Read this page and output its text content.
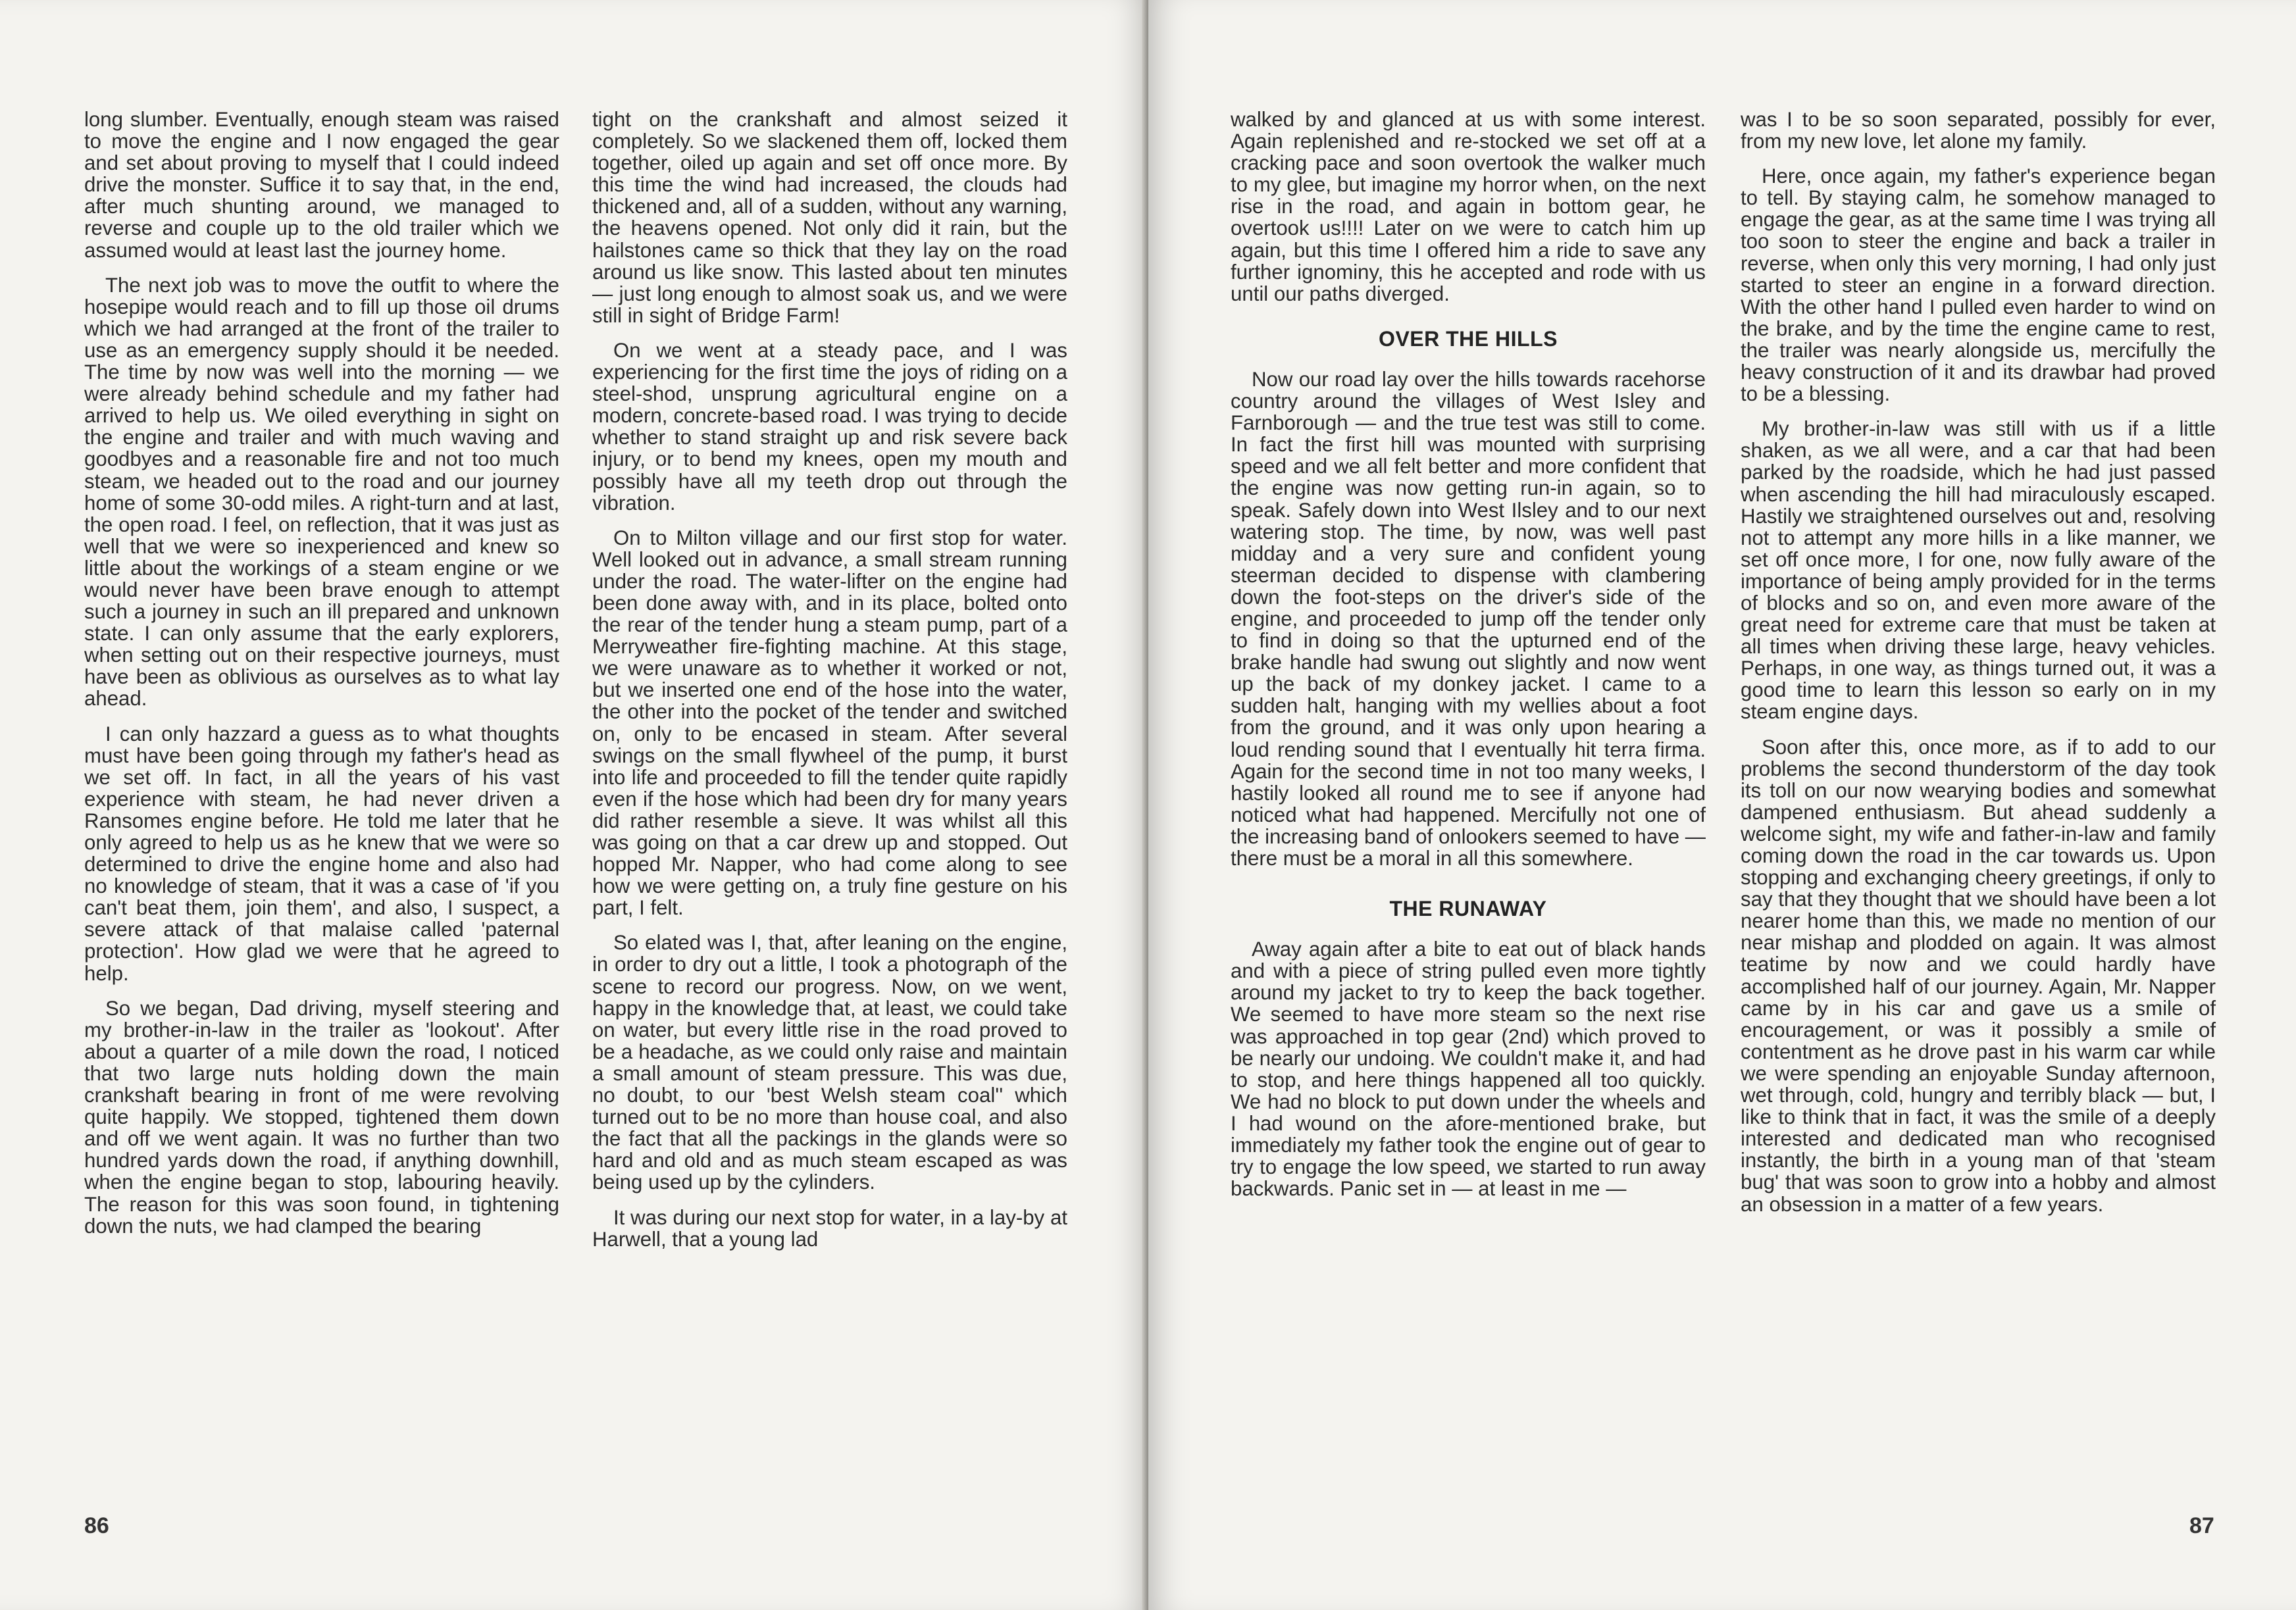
long slumber. Eventually, enough steam was raised to move the engine and I now engaged the gear and set about proving to myself that I could indeed drive the monster. Suffice it to say that, in the end, after much shunting around, we managed to reverse and couple up to the old trailer which we assumed would at least last the journey home.

The next job was to move the outfit to where the hosepipe would reach and to fill up those oil drums which we had arranged at the front of the trailer to use as an emergency supply should it be needed. The time by now was well into the morning — we were already behind schedule and my father had arrived to help us. We oiled everything in sight on the engine and trailer and with much waving and goodbyes and a reasonable fire and not too much steam, we headed out to the road and our journey home of some 30-odd miles. A right-turn and at last, the open road. I feel, on reflection, that it was just as well that we were so inexperienced and knew so little about the workings of a steam engine or we would never have been brave enough to attempt such a journey in such an ill prepared and unknown state. I can only assume that the early explorers, when setting out on their respective journeys, must have been as oblivious as ourselves as to what lay ahead.

I can only hazzard a guess as to what thoughts must have been going through my father's head as we set off. In fact, in all the years of his vast experience with steam, he had never driven a Ransomes engine before. He told me later that he only agreed to help us as he knew that we were so determined to drive the engine home and also had no knowledge of steam, that it was a case of 'if you can't beat them, join them', and also, I suspect, a severe attack of that malaise called 'paternal protection'. How glad we were that he agreed to help.

So we began, Dad driving, myself steering and my brother-in-law in the trailer as 'lookout'. After about a quarter of a mile down the road, I noticed that two large nuts holding down the main crankshaft bearing in front of me were revolving quite happily. We stopped, tightened them down and off we went again. It was no further than two hundred yards down the road, if anything downhill, when the engine began to stop, labouring heavily. The reason for this was soon found, in tightening down the nuts, we had clamped the bearing

tight on the crankshaft and almost seized it completely. So we slackened them off, locked them together, oiled up again and set off once more. By this time the wind had increased, the clouds had thickened and, all of a sudden, without any warning, the heavens opened. Not only did it rain, but the hailstones came so thick that they lay on the road around us like snow. This lasted about ten minutes — just long enough to almost soak us, and we were still in sight of Bridge Farm!

On we went at a steady pace, and I was experiencing for the first time the joys of riding on a steel-shod, unsprung agricultural engine on a modern, concrete-based road. I was trying to decide whether to stand straight up and risk severe back injury, or to bend my knees, open my mouth and possibly have all my teeth drop out through the vibration.

On to Milton village and our first stop for water. Well looked out in advance, a small stream running under the road. The water-lifter on the engine had been done away with, and in its place, bolted onto the rear of the tender hung a steam pump, part of a Merryweather fire-fighting machine. At this stage, we were unaware as to whether it worked or not, but we inserted one end of the hose into the water, the other into the pocket of the tender and switched on, only to be encased in steam. After several swings on the small flywheel of the pump, it burst into life and proceeded to fill the tender quite rapidly even if the hose which had been dry for many years did rather resemble a sieve. It was whilst all this was going on that a car drew up and stopped. Out hopped Mr. Napper, who had come along to see how we were getting on, a truly fine gesture on his part, I felt.

So elated was I, that, after leaning on the engine, in order to dry out a little, I took a photograph of the scene to record our progress. Now, on we went, happy in the knowledge that, at least, we could take on water, but every little rise in the road proved to be a headache, as we could only raise and maintain a small amount of steam pressure. This was due, no doubt, to our 'best Welsh steam coal'' which turned out to be no more than house coal, and also the fact that all the packings in the glands were so hard and old and as much steam escaped as was being used up by the cylinders.

It was during our next stop for water, in a lay-by at Harwell, that a young lad

86

walked by and glanced at us with some interest. Again replenished and re-stocked we set off at a cracking pace and soon overtook the walker much to my glee, but imagine my horror when, on the next rise in the road, and again in bottom gear, he overtook us!!!! Later on we were to catch him up again, but this time I offered him a ride to save any further ignominy, this he accepted and rode with us until our paths diverged.

OVER THE HILLS

Now our road lay over the hills towards racehorse country around the villages of West Isley and Farnborough — and the true test was still to come. In fact the first hill was mounted with surprising speed and we all felt better and more confident that the engine was now getting run-in again, so to speak. Safely down into West Ilsley and to our next watering stop. The time, by now, was well past midday and a very sure and confident young steerman decided to dispense with clambering down the foot-steps on the driver's side of the engine, and proceeded to jump off the tender only to find in doing so that the upturned end of the brake handle had swung out slightly and now went up the back of my donkey jacket. I came to a sudden halt, hanging with my wellies about a foot from the ground, and it was only upon hearing a loud rending sound that I eventually hit terra firma. Again for the second time in not too many weeks, I hastily looked all round me to see if anyone had noticed what had happened. Mercifully not one of the increasing band of onlookers seemed to have — there must be a moral in all this somewhere.

THE RUNAWAY

Away again after a bite to eat out of black hands and with a piece of string pulled even more tightly around my jacket to try to keep the back together. We seemed to have more steam so the next rise was approached in top gear (2nd) which proved to be nearly our undoing. We couldn't make it, and had to stop, and here things happened all too quickly. We had no block to put down under the wheels and I had wound on the afore-mentioned brake, but immediately my father took the engine out of gear to try to engage the low speed, we started to run away backwards. Panic set in — at least in me —

was I to be so soon separated, possibly for ever, from my new love, let alone my family.

Here, once again, my father's experience began to tell. By staying calm, he somehow managed to engage the gear, as at the same time I was trying all too soon to steer the engine and back a trailer in reverse, when only this very morning, I had only just started to steer an engine in a forward direction. With the other hand I pulled even harder to wind on the brake, and by the time the engine came to rest, the trailer was nearly alongside us, mercifully the heavy construction of it and its drawbar had proved to be a blessing.

My brother-in-law was still with us if a little shaken, as we all were, and a car that had been parked by the roadside, which he had just passed when ascending the hill had miraculously escaped. Hastily we straightened ourselves out and, resolving not to attempt any more hills in a like manner, we set off once more, I for one, now fully aware of the importance of being amply provided for in the terms of blocks and so on, and even more aware of the great need for extreme care that must be taken at all times when driving these large, heavy vehicles. Perhaps, in one way, as things turned out, it was a good time to learn this lesson so early on in my steam engine days.

Soon after this, once more, as if to add to our problems the second thunderstorm of the day took its toll on our now wearying bodies and somewhat dampened enthusiasm. But ahead suddenly a welcome sight, my wife and father-in-law and family coming down the road in the car towards us. Upon stopping and exchanging cheery greetings, if only to say that they thought that we should have been a lot nearer home than this, we made no mention of our near mishap and plodded on again. It was almost teatime by now and we could hardly have accomplished half of our journey. Again, Mr. Napper came by in his car and gave us a smile of encouragement, or was it possibly a smile of contentment as he drove past in his warm car while we were spending an enjoyable Sunday afternoon, wet through, cold, hungry and terribly black — but, I like to think that in fact, it was the smile of a deeply interested and dedicated man who recognised instantly, the birth in a young man of that 'steam bug' that was soon to grow into a hobby and almost an obsession in a matter of a few years.

87
